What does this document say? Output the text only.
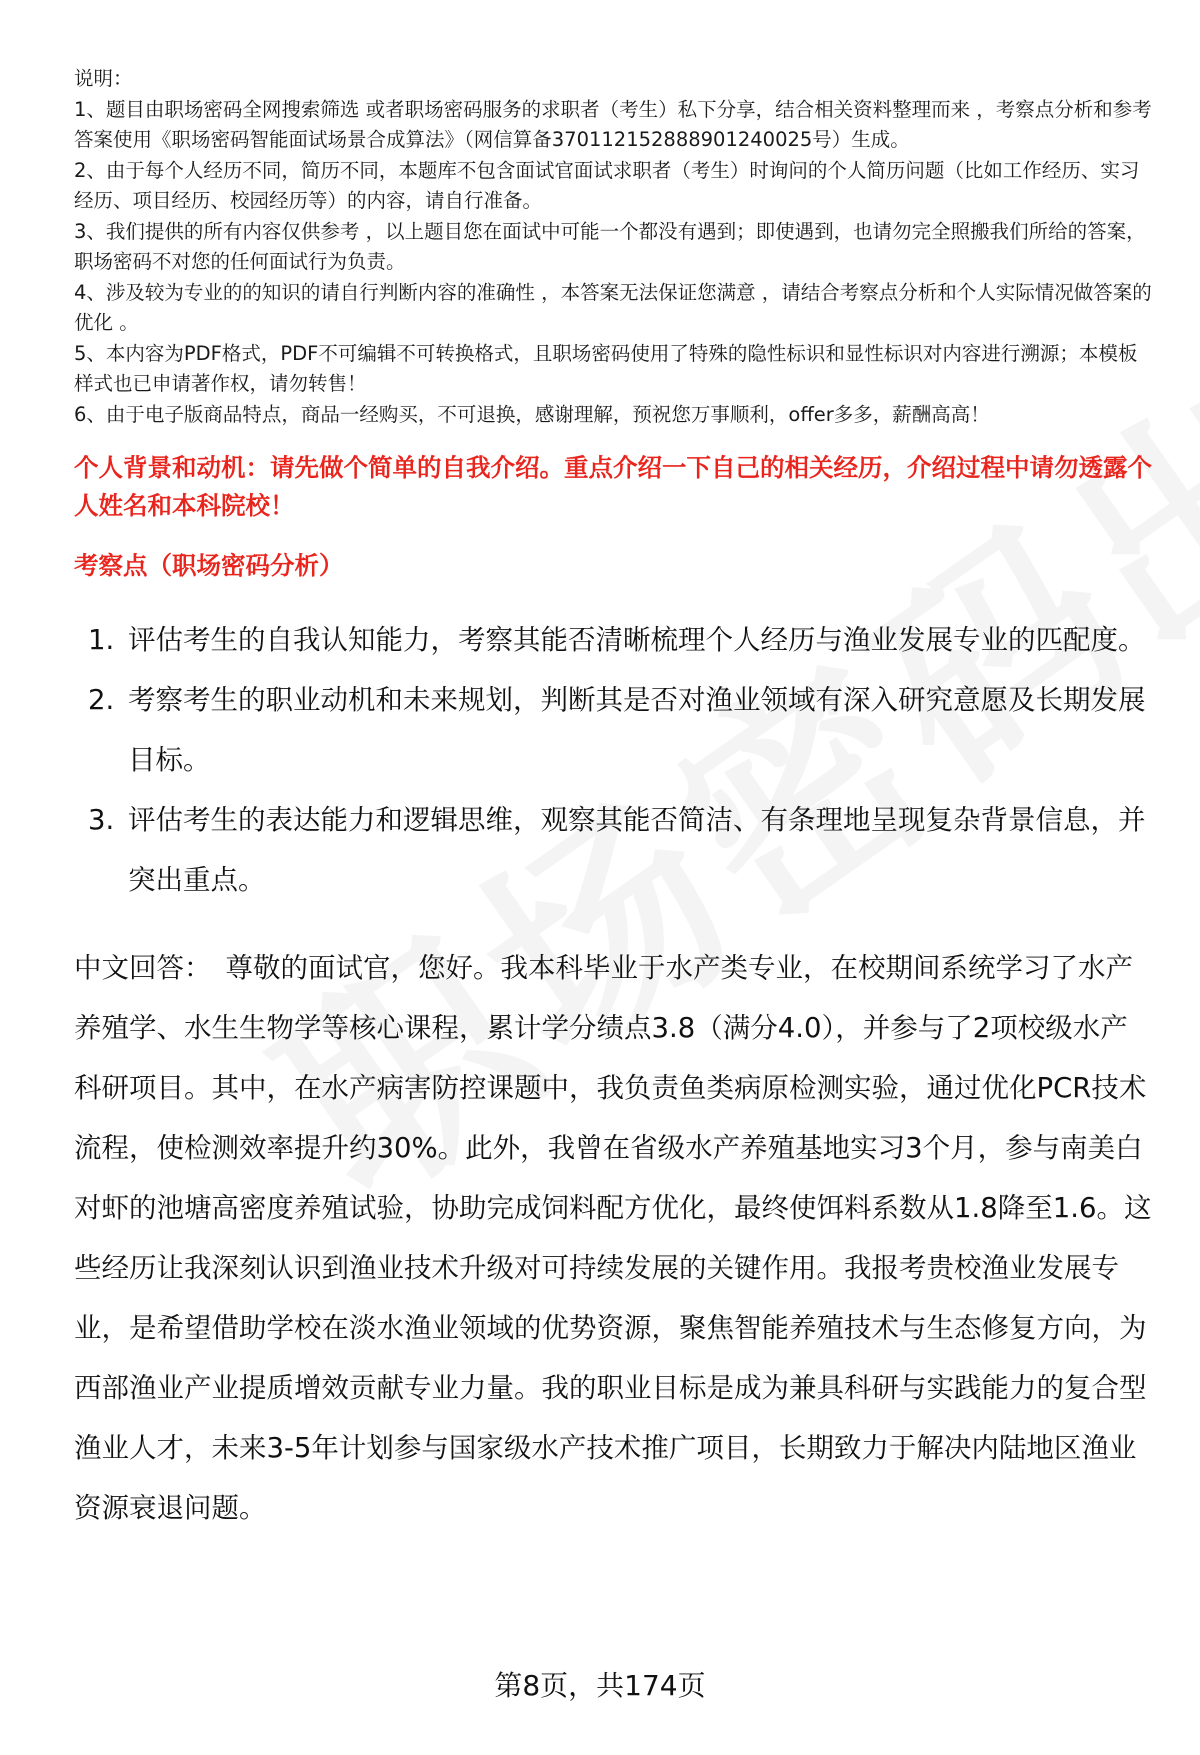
说明：

1、题目由职场密码全网搜索筛选 或者职场密码服务的求职者（考生）私下分享，结合相关资料整理而来 ，考察点分析和参考答案使用《职场密码智能面试场景合成算法》（网信算备370112152888901240025号）生成。

2、由于每个人经历不同，简历不同，本题库不包含面试官面试求职者（考生）时询问的个人简历问题（比如工作经历、实习经历、项目经历、校园经历等）的内容，请自行准备。

3、我们提供的所有内容仅供参考 ，以上题目您在面试中可能一个都没有遇到；即使遇到，也请勿完全照搬我们所给的答案，职场密码不对您的任何面试行为负责。

4、涉及较为专业的的知识的请自行判断内容的准确性 ，本答案无法保证您满意 ，请结合考察点分析和个人实际情况做答案的优化 。

5、本内容为PDF格式，PDF不可编辑不可转换格式，且职场密码使用了特殊的隐性标识和显性标识对内容进行溯源；本模板样式也已申请著作权，请勿转售！

6、由于电子版商品特点，商品一经购买，不可退换，感谢理解，预祝您万事顺利，offer多多，薪酬高高！

个人背景和动机：请先做个简单的自我介绍。重点介绍一下自己的相关经历，介绍过程中请勿透露个人姓名和本科院校！

考察点（职场密码分析）

1. 评估考生的自我认知能力，考察其能否清晰梳理个人经历与渔业发展专业的匹配度。
2. 考察考生的职业动机和未来规划，判断其是否对渔业领域有深入研究意愿及长期发展目标。
3. 评估考生的表达能力和逻辑思维，观察其能否简洁、有条理地呈现复杂背景信息，并突出重点。
中文回答： 尊敬的面试官，您好。我本科毕业于水产类专业，在校期间系统学习了水产养殖学、水生生物学等核心课程，累计学分绩点3.8（满分4.0），并参与了2项校级水产科研项目。其中，在水产病害防控课题中，我负责鱼类病原检测实验，通过优化PCR技术流程，使检测效率提升约30%。此外，我曾在省级水产养殖基地实习3个月，参与南美白对虾的池塘高密度养殖试验，协助完成饲料配方优化，最终使饵料系数从1.8降至1.6。这些经历让我深刻认识到渔业技术升级对可持续发展的关键作用。我报考贵校渔业发展专业，是希望借助学校在淡水渔业领域的优势资源，聚焦智能养殖技术与生态修复方向，为西部渔业产业提质增效贡献专业力量。我的职业目标是成为兼具科研与实践能力的复合型渔业人才，未来3-5年计划参与国家级水产技术推广项目，长期致力于解决内陆地区渔业资源衰退问题。
第8页，共174页
